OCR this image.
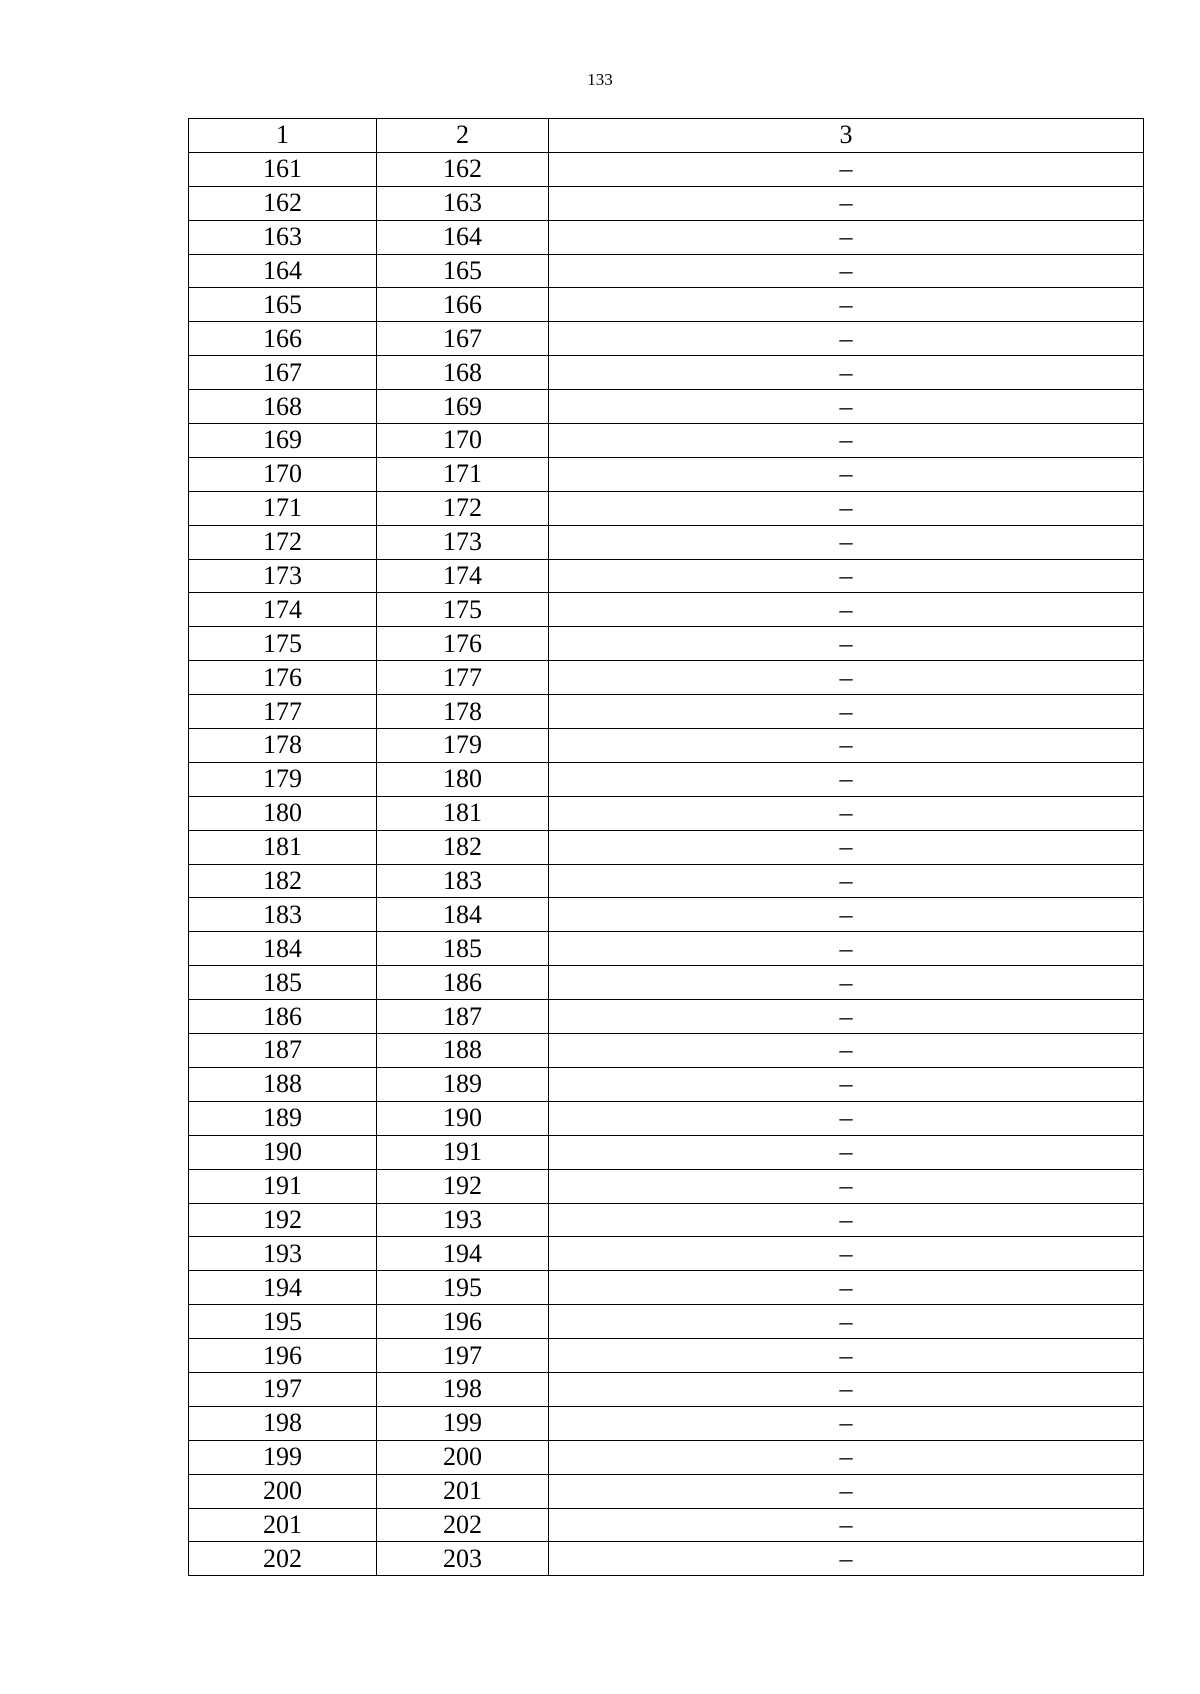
133
1	2	3
161	162	–
162	163	–
163	164	–
164	165	–
165	166	–
166	167	–
167	168	–
168	169	–
169	170	–
170	171	–
171	172	–
172	173	–
173	174	–
174	175	–
175	176	–
176	177	–
177	178	–
178	179	–
179	180	–
180	181	–
181	182	–
182	183	–
183	184	–
184	185	–
185	186	–
186	187	–
187	188	–
188	189	–
189	190	–
190	191	–
191	192	–
192	193	–
193	194	–
194	195	–
195	196	–
196	197	–
197	198	–
198	199	–
199	200	–
200	201	–
201	202	–
202	203	–
